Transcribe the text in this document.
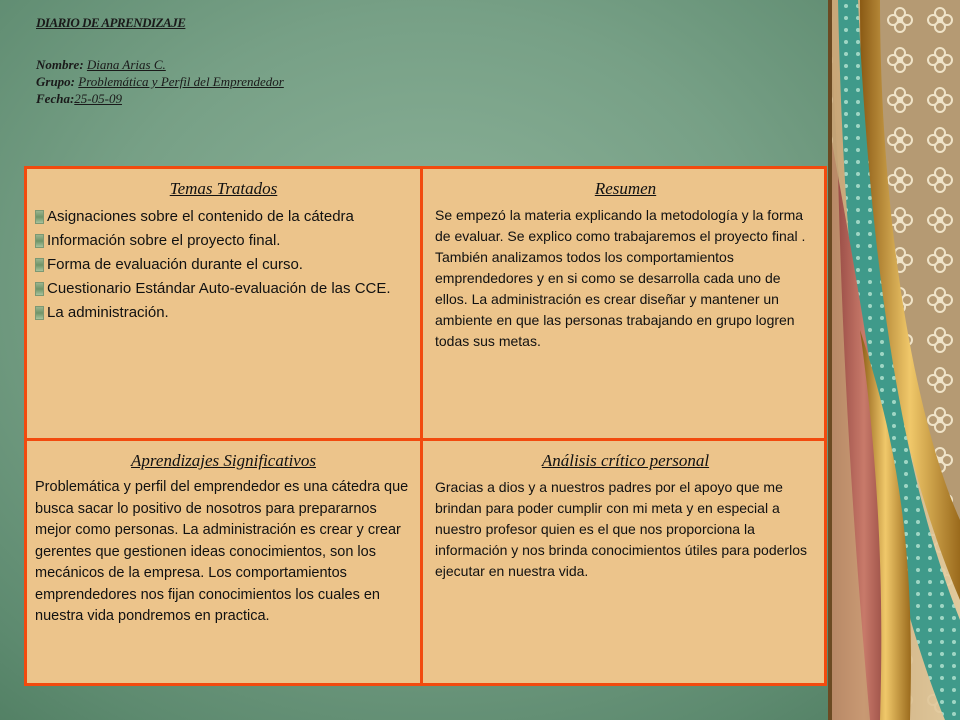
DIARIO DE APRENDIZAJE
Nombre: Diana Arias C.
Grupo: Problemática y Perfil del Emprendedor
Fecha:25-05-09
Temas Tratados
Asignaciones sobre el contenido de la cátedra
Información sobre el proyecto final.
Forma de evaluación durante el curso.
Cuestionario Estándar Auto-evaluación de las CCE.
La administración.
Resumen

Se empezó la materia explicando la metodología y la forma de evaluar. Se explico como trabajaremos el proyecto final . También analizamos todos los comportamientos emprendedores y en si como se desarrolla cada uno de ellos. La administración es crear diseñar y mantener un ambiente en que las personas trabajando en grupo logren todas sus metas.

Aprendizajes Significativos

Problemática y perfil del emprendedor es una cátedra que busca sacar lo positivo de nosotros para prepararnos mejor como personas. La administración es crear y crear gerentes que gestionen ideas conocimientos, son los mecánicos de la empresa. Los comportamientos emprendedores nos fijan conocimientos los cuales en nuestra vida pondremos en practica.

Análisis crítico personal

Gracias a dios y a nuestros padres por el apoyo que me brindan para poder cumplir con mi meta y en especial a nuestro profesor quien es el que nos proporciona la información y nos brinda conocimientos útiles para poderlos ejecutar en nuestra vida.
